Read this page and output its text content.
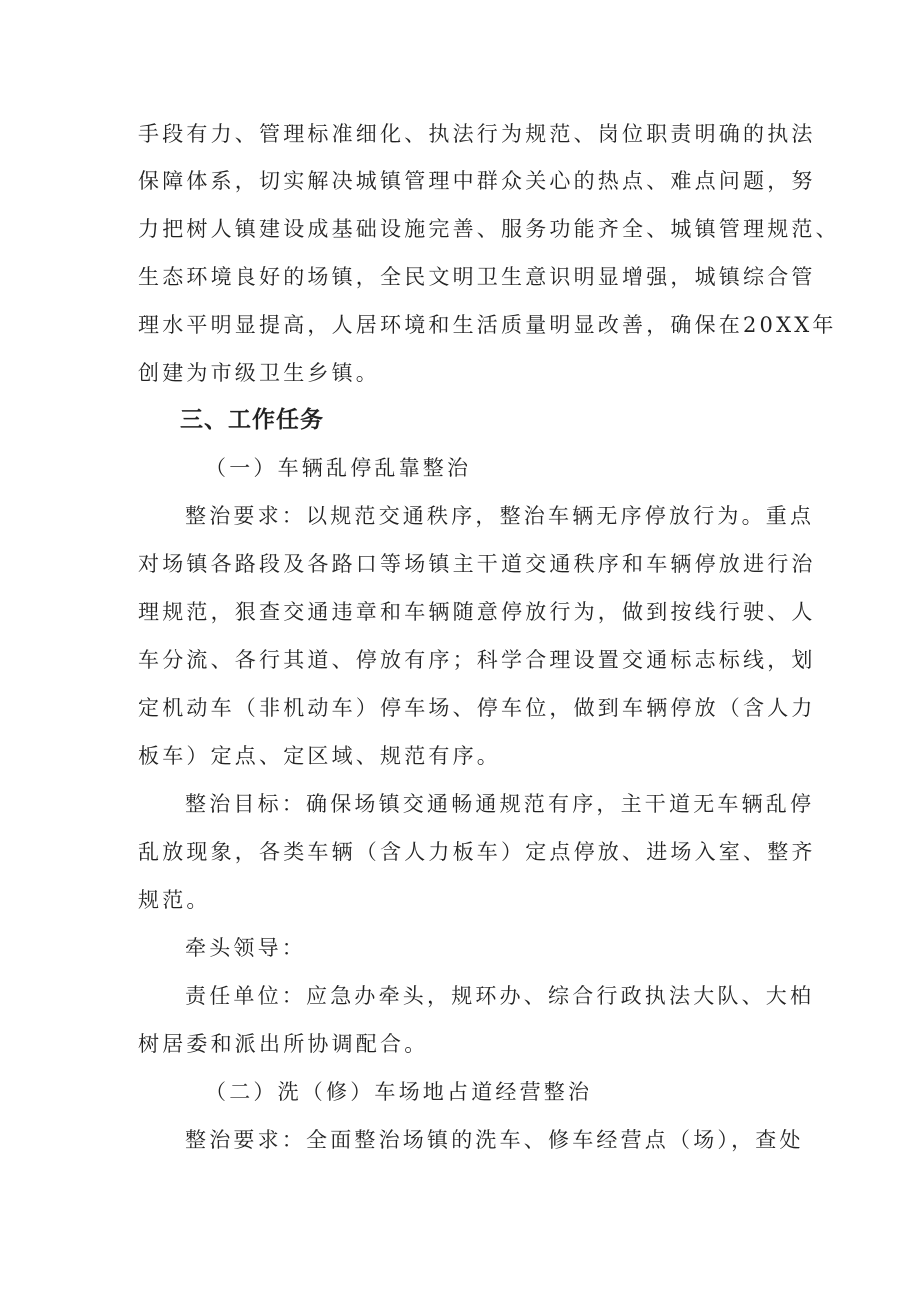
手段有力、管理标准细化、执法行为规范、岗位职责明确的执法
保障体系，切实解决城镇管理中群众关心的热点、难点问题，努
力把树人镇建设成基础设施完善、服务功能齐全、城镇管理规范、
生态环境良好的场镇，全民文明卫生意识明显增强，城镇综合管
理水平明显提高，人居环境和生活质量明显改善，确保在20XX年
创建为市级卫生乡镇。
三、工作任务
（一）车辆乱停乱靠整治
整治要求：以规范交通秩序，整治车辆无序停放行为。重点
对场镇各路段及各路口等场镇主干道交通秩序和车辆停放进行治
理规范，狠查交通违章和车辆随意停放行为，做到按线行驶、人
车分流、各行其道、停放有序；科学合理设置交通标志标线，划
定机动车（非机动车）停车场、停车位，做到车辆停放（含人力
板车）定点、定区域、规范有序。
整治目标：确保场镇交通畅通规范有序，主干道无车辆乱停
乱放现象，各类车辆（含人力板车）定点停放、进场入室、整齐
规范。
牵头领导：
责任单位：应急办牵头，规环办、综合行政执法大队、大柏
树居委和派出所协调配合。
（二）洗（修）车场地占道经营整治
整治要求：全面整治场镇的洗车、修车经营点（场），查处
